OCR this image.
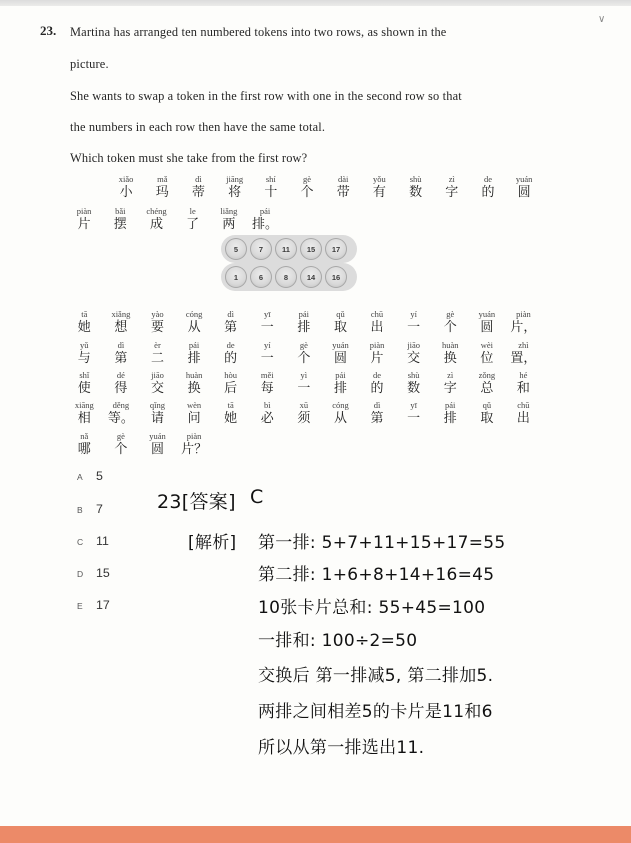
∨
23. Martina has arranged ten numbered tokens into two rows, as shown in the
picture.
She wants to swap a token in the first row with one in the second row so that
the numbers in each row then have the same total.
Which token must she take from the first row?
xiǎo
小
mǎ
玛
dì
蒂
jiāng
将
shí
十
gè
个
dài
带
yǒu
有
shù
数
zì
字
de
的
yuán
圆
piàn
片
bǎi
摆
chéng
成
le
了
liǎng
两
pái
排。
5	7	11	15	17
1	6	8	14	16
tā
她
xiǎng
想
yào
要
cóng
从
dì
第
yī
一
pái
排
qǔ
取
chū
出
yí
一
gè
个
yuán
圆
piàn
片，
yǔ
与
dì
第
èr
二
pái
排
de
的
yí
一
gè
个
yuán
圆
piàn
片
jiāo
交
huàn
换
wèi
位
zhì
置，
shǐ
使
dé
得
jiāo
交
huàn
换
hòu
后
měi
每
yì
一
pái
排
de
的
shù
数
zì
字
zǒng
总
hé
和
xiāng
相
děng
等。
qǐng
请
wèn
问
tā
她
bì
必
xū
须
cóng
从
dì
第
yī
一
pái
排
qǔ
取
chū
出
nǎ
哪
gè
个
yuán
圆
piàn
片？
A 5
B 7
C 11
D 15
E 17
23[答案] C
[解析] 第一排: 5+7+11+15+17=55
第二排: 1+6+8+14+16=45
10张卡片总和: 55+45=100
一排和: 100÷2=50
交换后 第一排减5, 第二排加5.
两排之间相差5的卡片是11和6
所以从第一排选出11.
